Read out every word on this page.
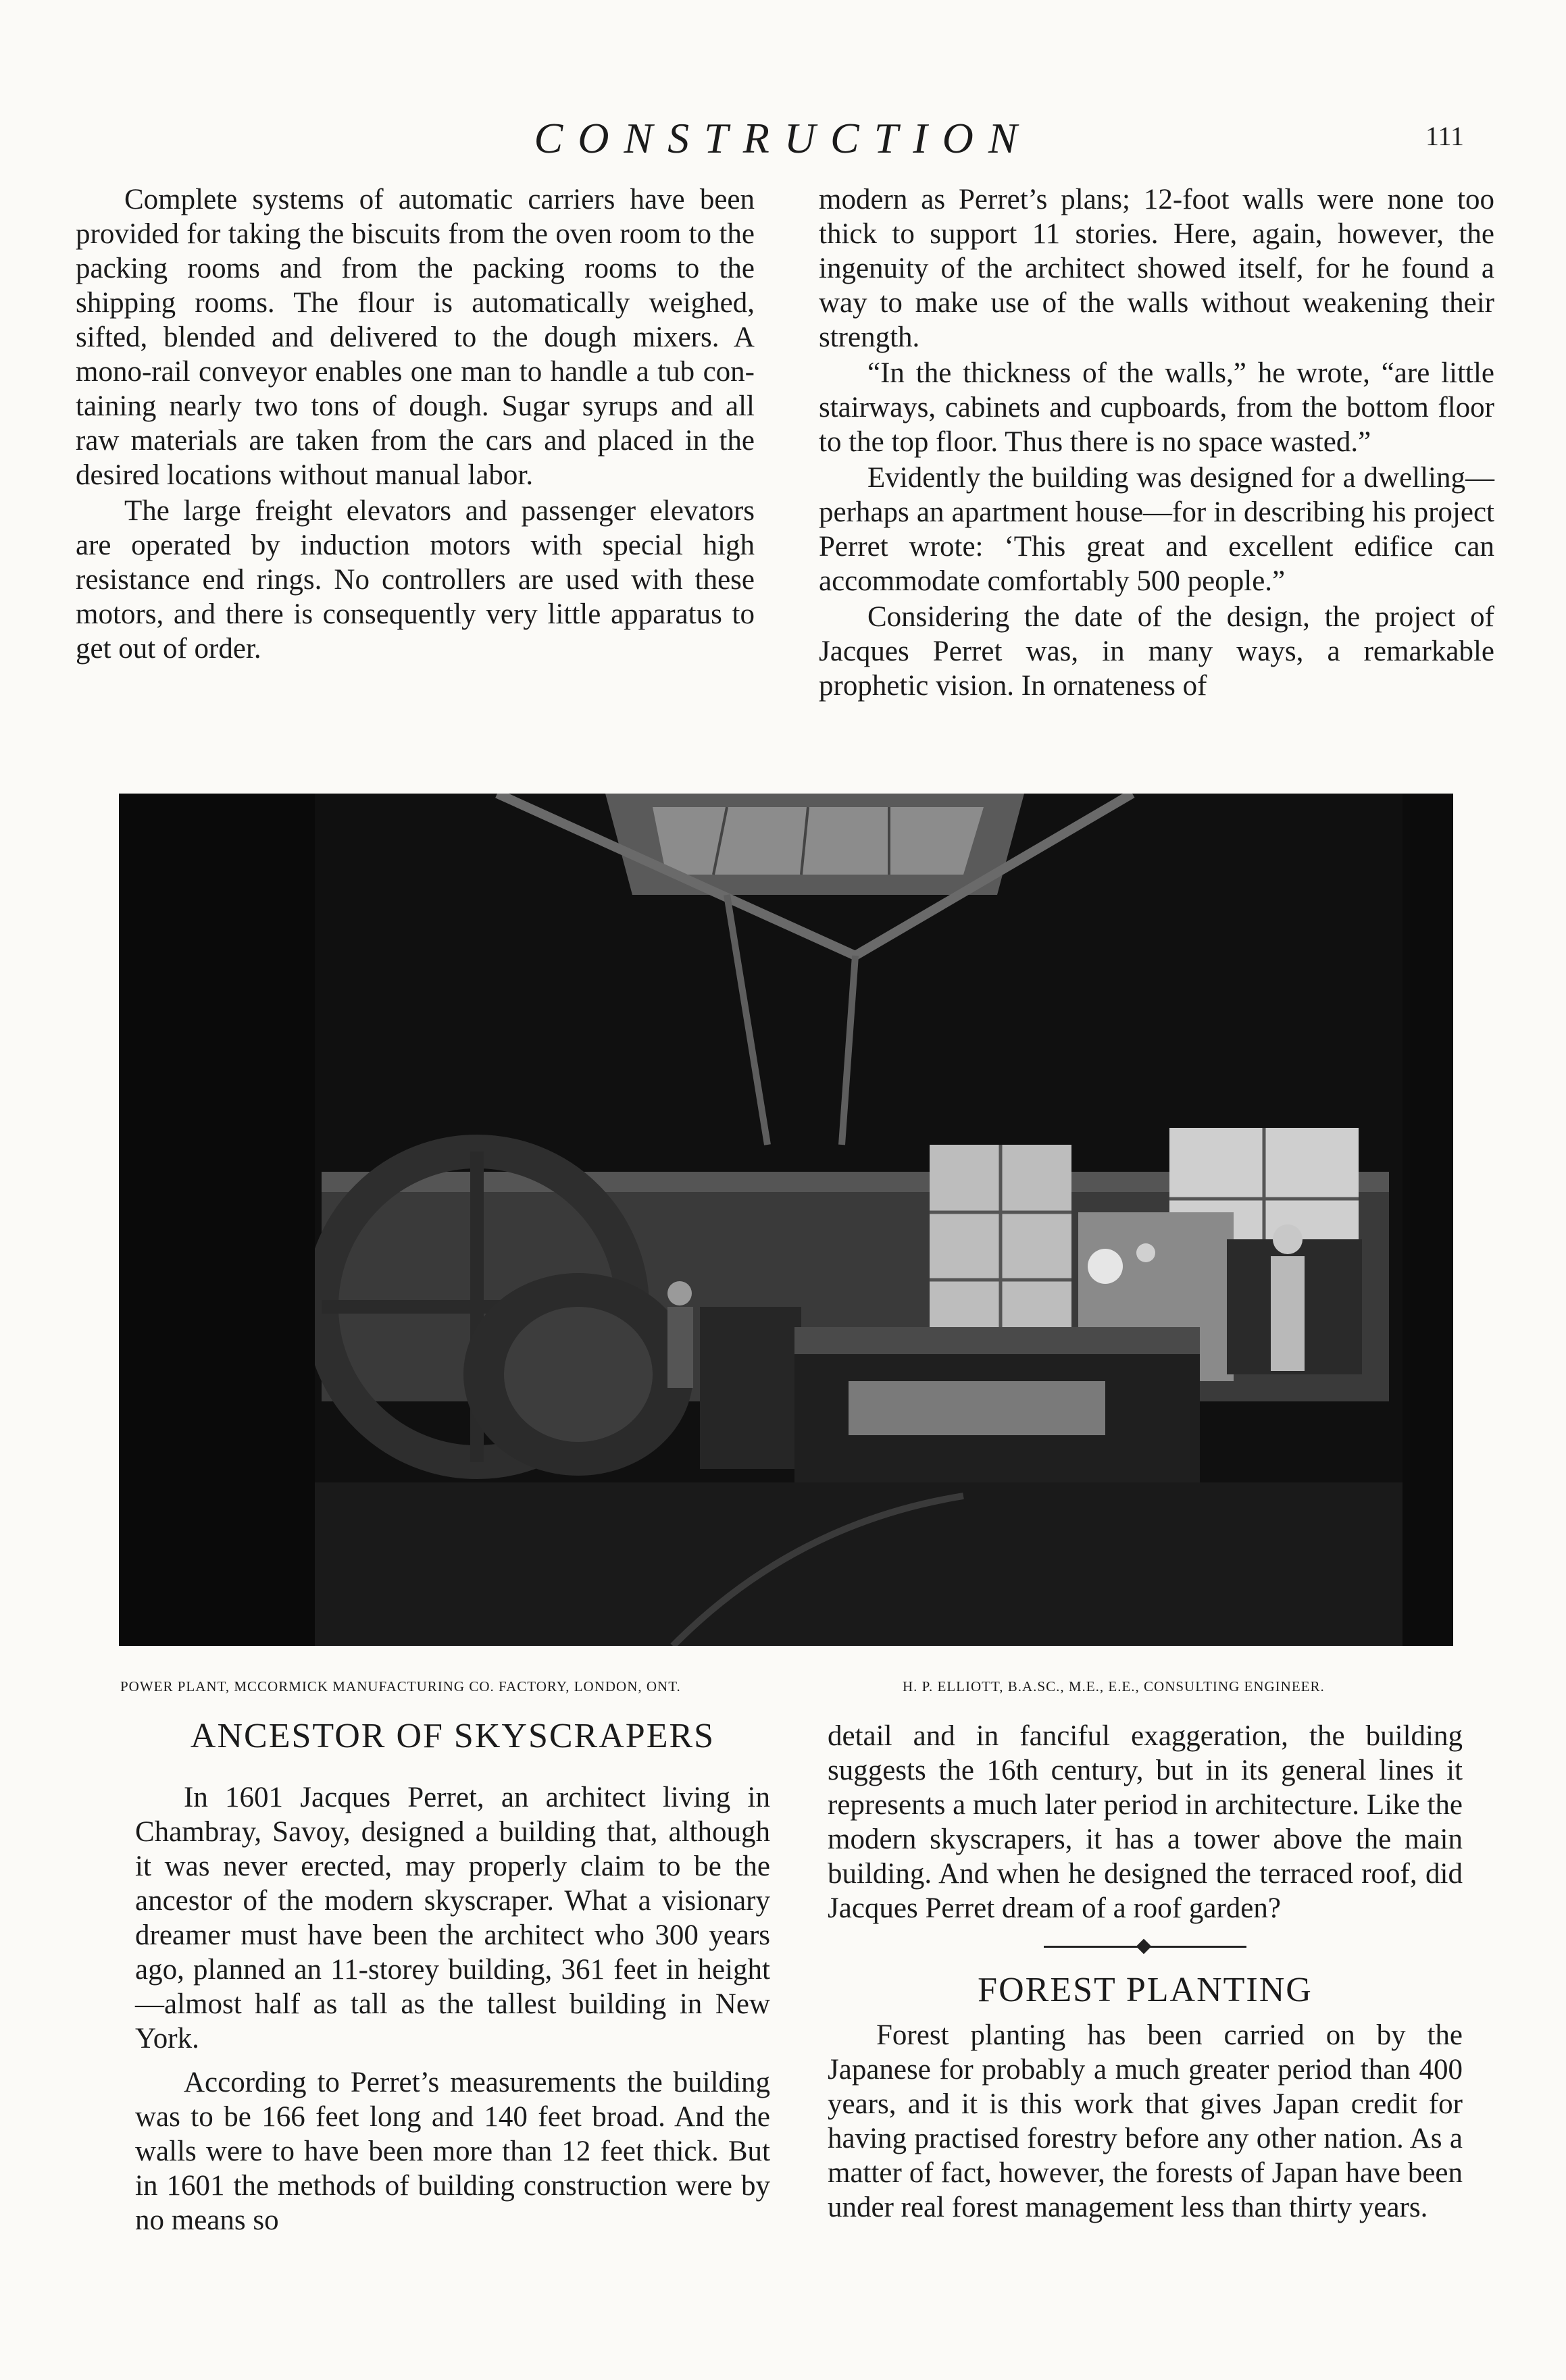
CONSTRUCTION	111

Complete systems of automatic carriers have been provided for taking the biscuits from the oven room to the packing rooms and from the packing rooms to the shipping rooms. The flour is automatically weighed, sifted, blended and delivered to the dough mixers. A mono-rail conveyor enables one man to handle a tub containing nearly two tons of dough. Sugar syrups and all raw materials are taken from the cars and placed in the desired locations without manual labor.

The large freight elevators and passenger elevators are operated by induction motors with special high resistance end rings. No controllers are used with these motors, and there is consequently very little apparatus to get out of order.

modern as Perret’s plans; 12-foot walls were none too thick to support 11 stories. Here, again, however, the ingenuity of the architect showed itself, for he found a way to make use of the walls without weakening their strength.

“In the thickness of the walls,” he wrote, “are little stairways, cabinets and cupboards, from the bottom floor to the top floor. Thus there is no space wasted.”

Evidently the building was designed for a dwelling—perhaps an apartment house—for in describing his project Perret wrote: ‘This great and excellent edifice can accommodate comfortably 500 people.”

Considering the date of the design, the project of Jacques Perret was, in many ways, a remarkable prophetic vision. In ornateness of

POWER PLANT, MCCORMICK MANUFACTURING CO. FACTORY, LONDON, ONT.	H. P. ELLIOTT, B.A.SC., M.E., E.E., CONSULTING ENGINEER.
ANCESTOR OF SKYSCRAPERS

In 1601 Jacques Perret, an architect living in Chambray, Savoy, designed a building that, although it was never erected, may properly claim to be the ancestor of the modern skyscraper. What a visionary dreamer must have been the architect who 300 years ago, planned an 11-storey building, 361 feet in height—almost half as tall as the tallest building in New York.

According to Perret’s measurements the building was to be 166 feet long and 140 feet broad. And the walls were to have been more than 12 feet thick. But in 1601 the methods of building construction were by no means so

detail and in fanciful exaggeration, the building suggests the 16th century, but in its general lines it represents a much later period in architecture. Like the modern skyscrapers, it has a tower above the main building. And when he designed the terraced roof, did Jacques Perret dream of a roof garden?

FOREST PLANTING

Forest planting has been carried on by the Japanese for probably a much greater period than 400 years, and it is this work that gives Japan credit for having practised forestry before any other nation. As a matter of fact, however, the forests of Japan have been under real forest management less than thirty years.
